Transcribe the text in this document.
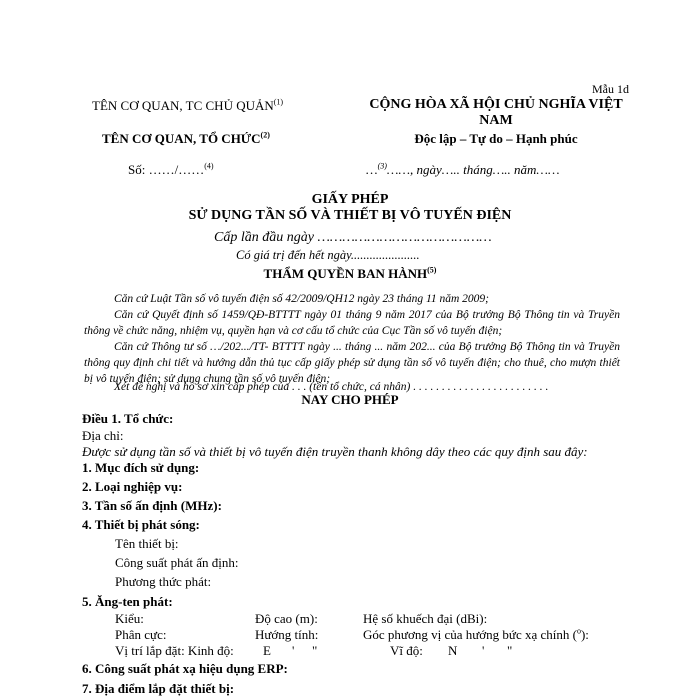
Mẫu 1d
TÊN CƠ QUAN, TC CHỦ QUẢN$^{(1)}$	CỘNG HÒA XÃ HỘI CHỦ NGHĨA VIỆT
NAM
TÊN CƠ QUAN, TỔ CHỨC$^{(2)}$	Độc lập – Tự do – Hạnh phúc
Số: ……/……$^{(4)}$	…$^{(3)}$……, ngày….. tháng….. năm……
GIẤY PHÉP
SỬ DỤNG TẦN SỐ VÀ THIẾT BỊ VÔ TUYẾN ĐIỆN
Cấp lần đầu ngày ……………………………………
Có giá trị đến hết ngày......................
THẨM QUYỀN BAN HÀNH$^{(5)}$
Căn cứ Luật Tần số vô tuyến điện số 42/2009/QH12 ngày 23 tháng 11 năm 2009;
Căn cứ Quyết định số 1459/QĐ-BTTTT ngày 01 tháng 9 năm 2017 của Bộ trưởng Bộ Thông tin và Truyền thông về chức năng, nhiệm vụ, quyền hạn và cơ cấu tổ chức của Cục Tần số vô tuyến điện;
Căn cứ Thông tư số …/202.../TT- BTTTT ngày ... tháng ... năm 202... của Bộ trưởng Bộ Thông tin và Truyền thông quy định chi tiết và hướng dẫn thủ tục cấp giấy phép sử dụng tần số vô tuyến điện; cho thuê, cho mượn thiết bị vô tuyến điện; sử dụng chung tần số vô tuyến điện;
Xét đề nghị và hồ sơ xin cấp phép của . . . (tên tổ chức, cá nhân) . . . . . . . . . . . . . . . . . . . . . . . .
NAY CHO PHÉP
Điều 1. Tổ chức:
Địa chỉ:
Được sử dụng tần số và thiết bị vô tuyến điện truyền thanh không dây theo các quy định sau đây:
1. Mục đích sử dụng:
2. Loại nghiệp vụ:
3. Tần số ấn định (MHz):
4. Thiết bị phát sóng:
Tên thiết bị:
Công suất phát ấn định:
Phương thức phát:
5. Ăng-ten phát:
Kiểu:	Độ cao (m):	Hệ số khuếch đại (dBi):
Phân cực:	Hướng tính:	Góc phương vị của hướng bức xạ chính ($^o$):
Vị trí lắp đặt: Kinh độ: E ' "	Vĩ độ: N ' "
6. Công suất phát xạ hiệu dụng ERP:
7. Địa điểm lắp đặt thiết bị:
